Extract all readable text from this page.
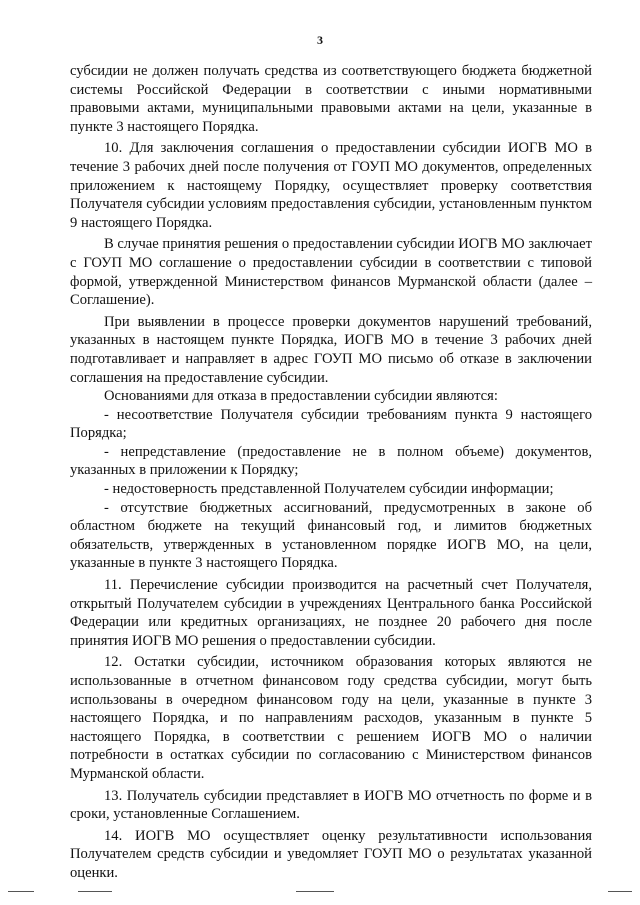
3

субсидии не должен получать средства из соответствующего бюджета бюджетной системы Российской Федерации в соответствии с иными нормативными правовыми актами, муниципальными правовыми актами на цели, указанные в пункте 3 настоящего Порядка.

10. Для заключения соглашения о предоставлении субсидии ИОГВ МО в течение 3 рабочих дней после получения от ГОУП МО документов, определенных приложением к настоящему Порядку, осуществляет проверку соответствия Получателя субсидии условиям предоставления субсидии, установленным пунктом 9 настоящего Порядка.

В случае принятия решения о предоставлении субсидии ИОГВ МО заключает с ГОУП МО соглашение о предоставлении субсидии в соответствии с типовой формой, утвержденной Министерством финансов Мурманской области (далее – Соглашение).

При выявлении в процессе проверки документов нарушений требований, указанных в настоящем пункте Порядка, ИОГВ МО в течение 3 рабочих дней подготавливает и направляет в адрес ГОУП МО письмо об отказе в заключении соглашения на предоставление субсидии.

Основаниями для отказа в предоставлении субсидии являются:

- несоответствие Получателя субсидии требованиям пункта 9 настоящего Порядка;

- непредставление (предоставление не в полном объеме) документов, указанных в приложении к Порядку;

- недостоверность представленной Получателем субсидии информации;

- отсутствие бюджетных ассигнований, предусмотренных в законе об областном бюджете на текущий финансовый год, и лимитов бюджетных обязательств, утвержденных в установленном порядке ИОГВ МО, на цели, указанные в пункте 3 настоящего Порядка.

11. Перечисление субсидии производится на расчетный счет Получателя, открытый Получателем субсидии в учреждениях Центрального банка Российской Федерации или кредитных организациях, не позднее 20 рабочего дня после принятия ИОГВ МО решения о предоставлении субсидии.

12. Остатки субсидии, источником образования которых являются не использованные в отчетном финансовом году средства субсидии, могут быть использованы в очередном финансовом году на цели, указанные в пункте 3 настоящего Порядка, и по направлениям расходов, указанным в пункте 5 настоящего Порядка, в соответствии с решением ИОГВ МО о наличии потребности в остатках субсидии по согласованию с Министерством финансов Мурманской области.

13. Получатель субсидии представляет в ИОГВ МО отчетность по форме и в сроки, установленные Соглашением.

14. ИОГВ МО осуществляет оценку результативности использования Получателем средств субсидии и уведомляет ГОУП МО о результатах указанной оценки.
